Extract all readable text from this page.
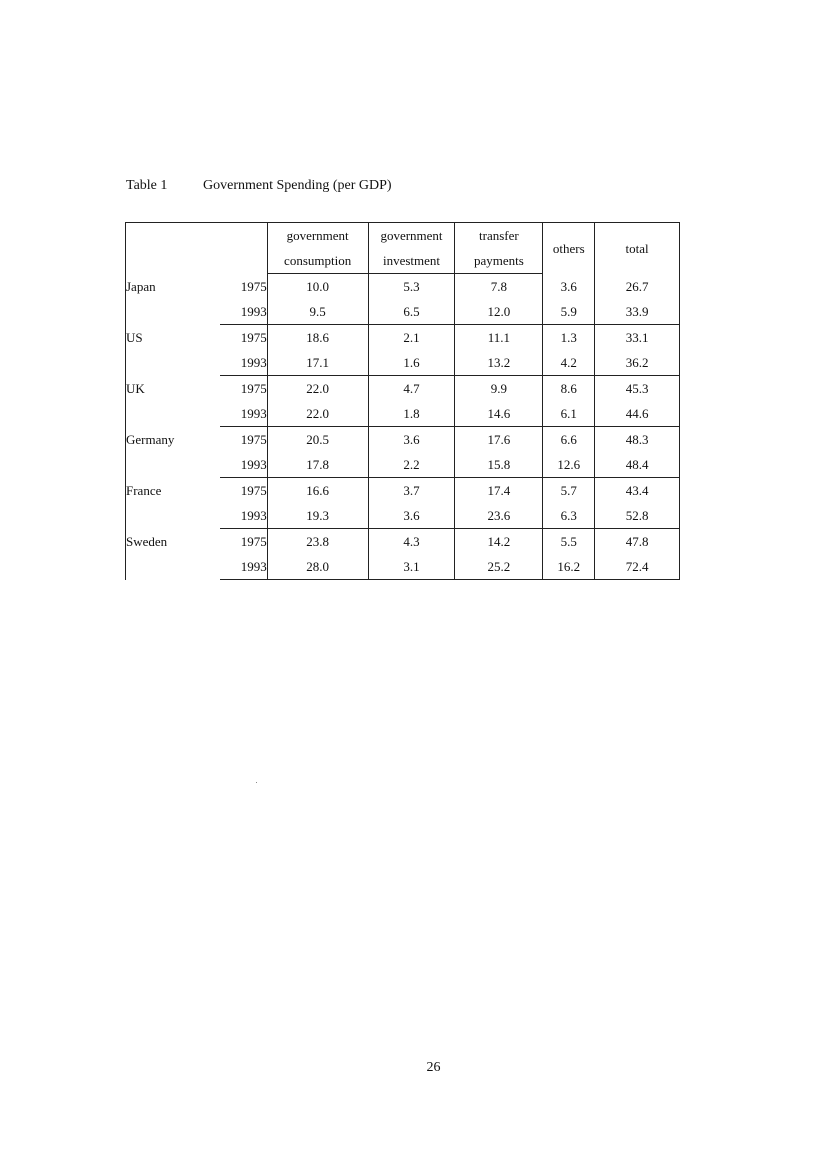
Table 1	Government Spending (per GDP)
		government	government	transfer	others	total
		consumption	investment	payments		
Japan	1975	10.0	5.3	7.8	3.6	26.7
	1993	9.5	6.5	12.0	5.9	33.9
US	1975	18.6	2.1	11.1	1.3	33.1
	1993	17.1	1.6	13.2	4.2	36.2
UK	1975	22.0	4.7	9.9	8.6	45.3
	1993	22.0	1.8	14.6	6.1	44.6
Germany	1975	20.5	3.6	17.6	6.6	48.3
	1993	17.8	2.2	15.8	12.6	48.4
France	1975	16.6	3.7	17.4	5.7	43.4
	1993	19.3	3.6	23.6	6.3	52.8
Sweden	1975	23.8	4.3	14.2	5.5	47.8
	1993	28.0	3.1	25.2	16.2	72.4
26
